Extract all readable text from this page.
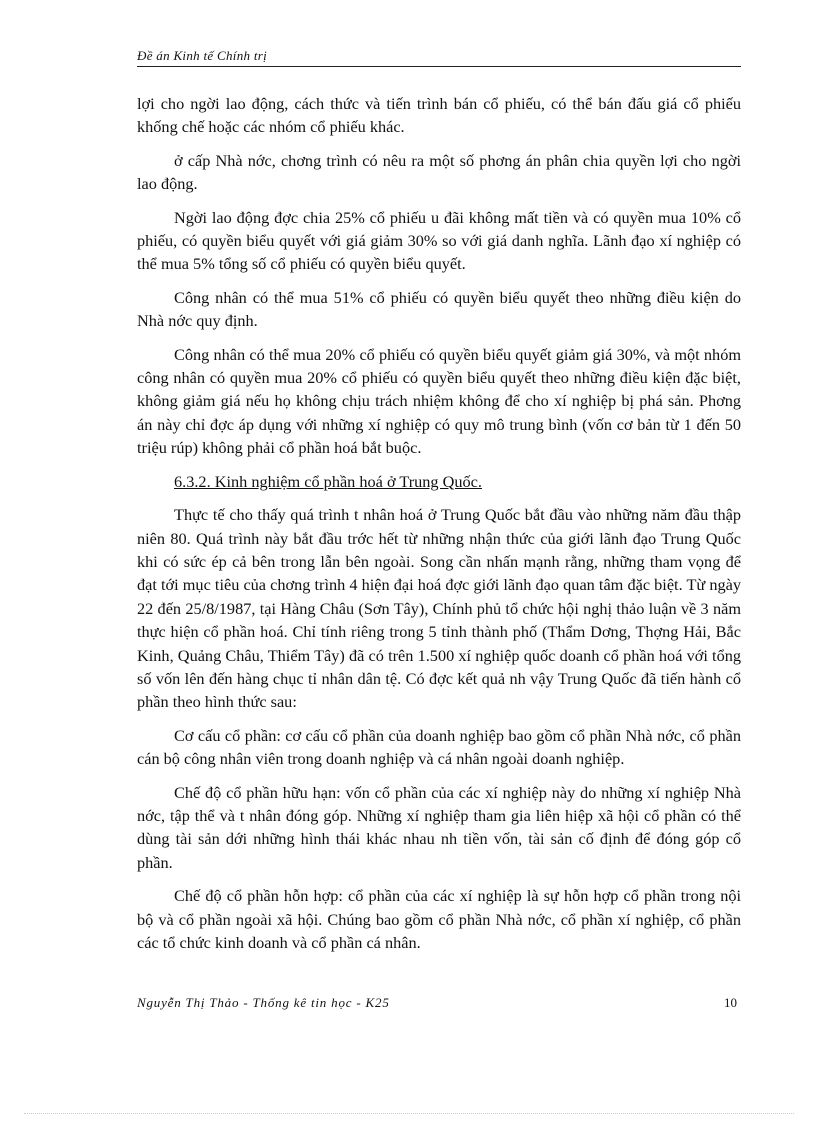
Đề án Kinh tế Chính trị

lợi cho ngời lao động, cách thức và tiến trình bán cổ phiếu, có thể bán đấu giá cổ phiếu khống chế hoặc các nhóm cổ phiếu khác.

ở cấp Nhà nớc, chơng trình có nêu ra một số phơng án phân chia quyền lợi cho ngời lao động.

Ngời lao động đợc chia 25% cổ phiếu u đãi không mất tiền và có quyền mua 10% cổ phiếu, có quyền biểu quyết với giá giảm 30% so với giá danh nghĩa. Lãnh đạo xí nghiệp có thể mua 5% tổng số cổ phiếu có quyền biểu quyết.

Công nhân có thể mua 51% cổ phiếu có quyền biểu quyết theo những điều kiện do Nhà nớc quy định.

Công nhân có thể mua 20% cổ phiếu có quyền biểu quyết giảm giá 30%, và một nhóm công nhân có quyền mua 20% cổ phiếu có quyền biểu quyết theo những điều kiện đặc biệt, không giảm giá nếu họ không chịu trách nhiệm không để cho xí nghiệp bị phá sản. Phơng án này chỉ đợc áp dụng với những xí nghiệp có quy mô trung bình (vốn cơ bản từ 1 đến 50 triệu rúp) không phải cổ phần hoá bắt buộc.

6.3.2. Kinh nghiệm cổ phần hoá ở Trung Quốc.

Thực tế cho thấy quá trình t nhân hoá ở Trung Quốc bắt đầu vào những năm đầu thập niên 80. Quá trình này bắt đầu trớc hết từ những nhận thức của giới lãnh đạo Trung Quốc khi có sức ép cả bên trong lẫn bên ngoài. Song cần nhấn mạnh rằng, những tham vọng để đạt tới mục tiêu của chơng trình 4 hiện đại hoá đợc giới lãnh đạo quan tâm đặc biệt. Từ ngày 22 đến 25/8/1987, tại Hàng Châu (Sơn Tây), Chính phủ tổ chức hội nghị thảo luận về 3 năm thực hiện cổ phần hoá. Chỉ tính riêng trong 5 tỉnh thành phố (Thẩm Dơng, Thợng Hải, Bắc Kinh, Quảng Châu, Thiểm Tây) đã có trên 1.500 xí nghiệp quốc doanh cổ phần hoá với tổng số vốn lên đến hàng chục tỉ nhân dân tệ. Có đợc kết quả nh vậy Trung Quốc đã tiến hành cổ phần theo hình thức sau:

Cơ cấu cổ phần: cơ cấu cổ phần của doanh nghiệp bao gồm cổ phần Nhà nớc, cổ phần cán bộ công nhân viên trong doanh nghiệp và cá nhân ngoài doanh nghiệp.

Chế độ cổ phần hữu hạn: vốn cổ phần của các xí nghiệp này do những xí nghiệp Nhà nớc, tập thể và t nhân đóng góp. Những xí nghiệp tham gia liên hiệp xã hội cổ phần có thể dùng tài sản dới những hình thái khác nhau nh tiền vốn, tài sản cố định để đóng góp cổ phần.

Chế độ cổ phần hỗn hợp: cổ phần của các xí nghiệp là sự hỗn hợp cổ phần trong nội bộ và cổ phần ngoài xã hội. Chúng bao gồm cổ phần Nhà nớc, cổ phần xí nghiệp, cổ phần các tổ chức kinh doanh và cổ phần cá nhân.

Nguyễn Thị Thảo - Thống kê tin học - K25	10
